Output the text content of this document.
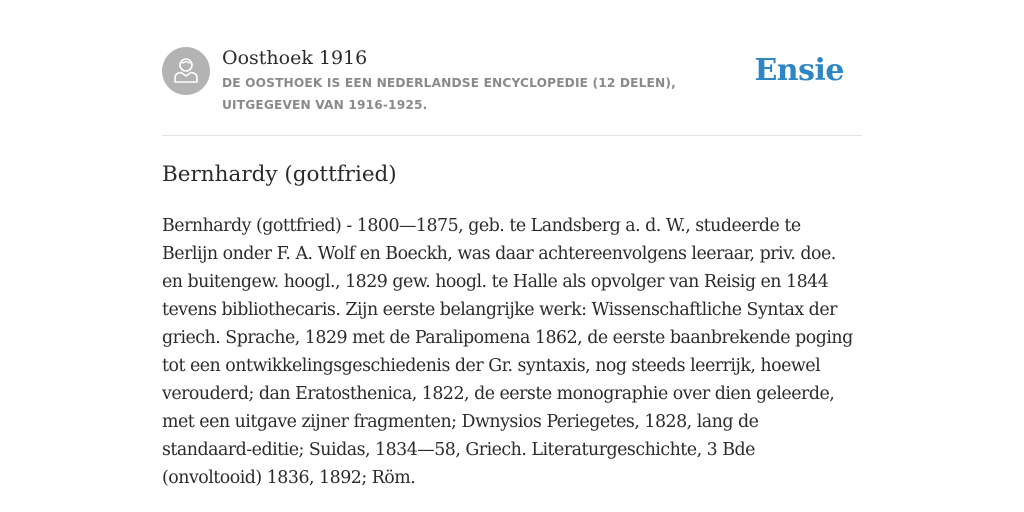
Oosthoek 1916
DE OOSTHOEK IS EEN NEDERLANDSE ENCYCLOPEDIE (12 DELEN), UITGEGEVEN VAN 1916-1925.
Ensie
Bernhardy (gottfried)
Bernhardy (gottfried) - 1800—1875, geb. te Landsberg a. d. W., studeerde te
Berlijn onder F. A. Wolf en Boeckh, was daar achtereenvolgens leeraar, priv. doe.
en buitengew. hoogl., 1829 gew. hoogl. te Halle als opvolger van Reisig en 1844
tevens bibliothecaris. Zijn eerste belangrijke werk: Wissenschaftliche Syntax der
griech. Sprache, 1829 met de Paralipomena 1862, de eerste baanbrekende poging
tot een ontwikkelingsgeschiedenis der Gr. syntaxis, nog steeds leerrijk, hoewel
verouderd; dan Eratosthenica, 1822, de eerste monographie over dien geleerde,
met een uitgave zijner fragmenten; Dwnysios Periegetes, 1828, lang de
standaard-editie; Suidas, 1834—58, Griech. Literaturgeschichte, 3 Bde
(onvoltooid) 1836, 1892; Röm.
